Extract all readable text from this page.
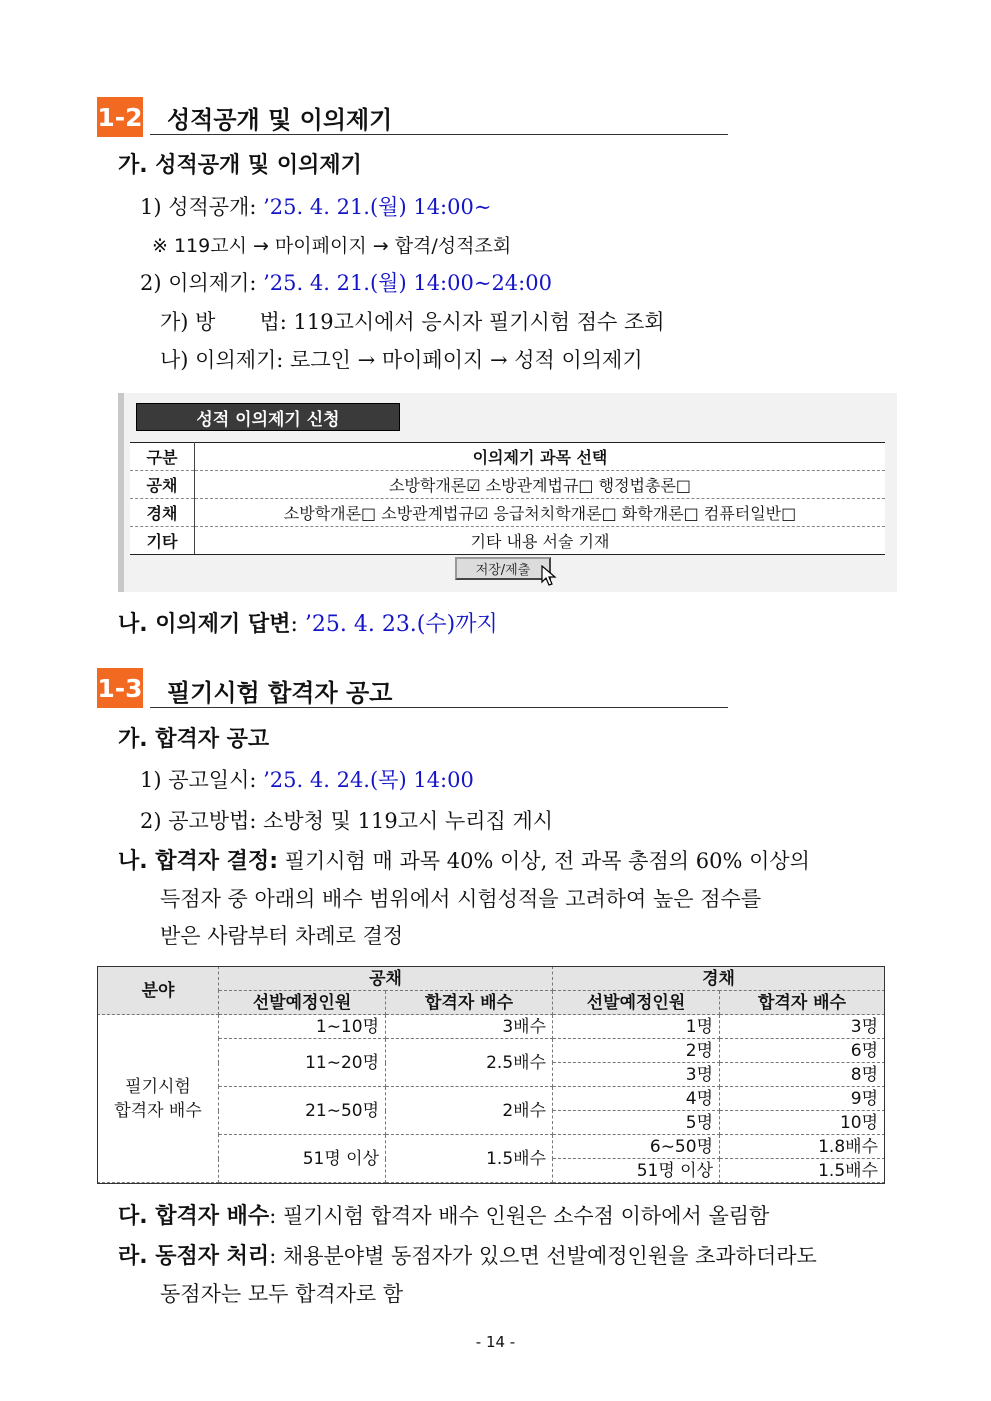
1-2 성적공개 및 이의제기
가. 성적공개 및 이의제기
1) 성적공개: ’25. 4. 21.(월) 14:00∼
※ 119고시 → 마이페이지 → 합격/성적조회
2) 이의제기: ’25. 4. 21.(월) 14:00∼24:00
가) 방 법: 119고시에서 응시자 필기시험 점수 조회
나) 이의제기: 로그인 → 마이페이지 → 성적 이의제기
성적 이의제기 신청
구분	이의제기 과목 선택
공채	소방학개론☑ 소방관계법규□ 행정법총론□
경채	소방학개론□ 소방관계법규☑ 응급처치학개론□ 화학개론□ 컴퓨터일반□
기타	기타 내용 서술 기재
저장/제출
나. 이의제기 답변: ’25. 4. 23.(수)까지
1-3 필기시험 합격자 공고
가. 합격자 공고
1) 공고일시: ’25. 4. 24.(목) 14:00
2) 공고방법: 소방청 및 119고시 누리집 게시
나. 합격자 결정: 필기시험 매 과목 40% 이상, 전 과목 총점의 60% 이상의
득점자 중 아래의 배수 범위에서 시험성적을 고려하여 높은 점수를
받은 사람부터 차례로 결정
분야	공채		경채	
	선발예정인원	합격자 배수	선발예정인원	합격자 배수
필기시험
합격자 배수	1∼10명	3배수	1명	3명
	11∼20명	2.5배수	2명	6명
			3명	8명
	21∼50명	2배수	4명	9명
			5명	10명
	51명 이상	1.5배수	6∼50명	1.8배수
			51명 이상	1.5배수
다. 합격자 배수: 필기시험 합격자 배수 인원은 소수점 이하에서 올림함
라. 동점자 처리: 채용분야별 동점자가 있으면 선발예정인원을 초과하더라도
동점자는 모두 합격자로 함
- 14 -
